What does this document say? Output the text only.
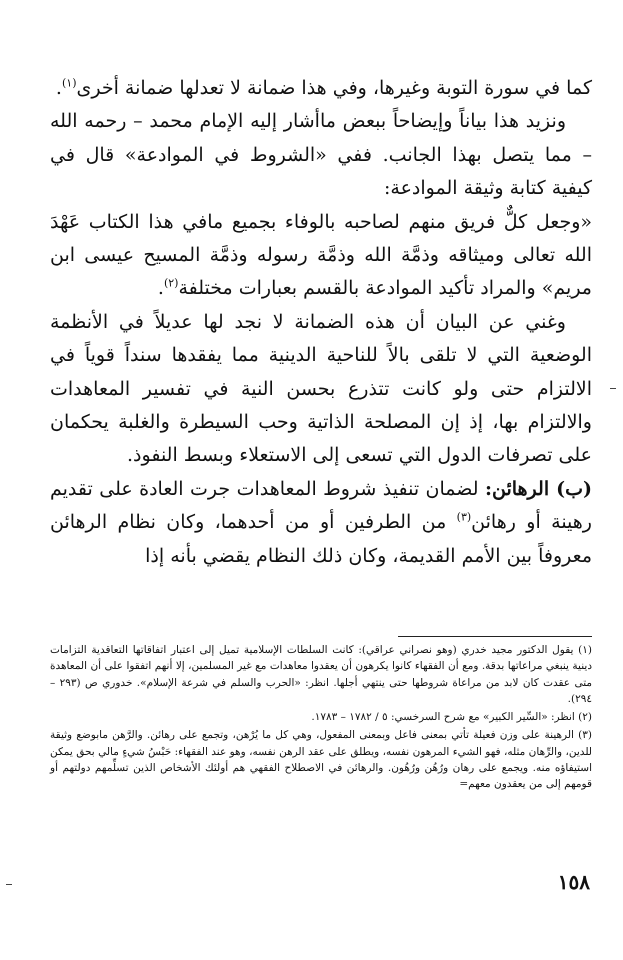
كما في سورة التوبة وغيرها، وفي هذا ضمانة لا تعدلها ضمانة أخرى$^{(١)}$.

ونزيد هذا بياناً وإيضاحاً ببعض ماأشار إليه الإمام محمد – رحمه الله – مما يتصل بهذا الجانب. ففي «الشروط في الموادعة» قال في كيفية كتابة وثيقة الموادعة:

«وجعل كلٌّ فريق منهم لصاحبه بالوفاء بجميع مافي هذا الكتاب عَهْدَ الله تعالى وميثاقه وذمَّة الله وذمَّة رسوله وذمَّة المسيح عيسى ابن مريم» والمراد تأكيد الموادعة بالقسم بعبارات مختلفة$^{(٢)}$.

وغني عن البيان أن هذه الضمانة لا نجد لها عديلاً في الأنظمة الوضعية التي لا تلقى بالاً للناحية الدينية مما يفقدها سنداً قوياً في الالتزام حتى ولو كانت تتذرع بحسن النية في تفسير المعاهدات والالتزام بها، إذ إن المصلحة الذاتية وحب السيطرة والغلبة يحكمان على تصرفات الدول التي تسعى إلى الاستعلاء وبسط النفوذ.

(ب) الرهائن: لضمان تنفيذ شروط المعاهدات جرت العادة على تقديم رهينة أو رهائن$^{(٣)}$ من الطرفين أو من أحدهما، وكان نظام الرهائن معروفاً بين الأمم القديمة، وكان ذلك النظام يقضي بأنه إذا

(١) يقول الدكتور مجيد خدري (وهو نصراني عراقي): كانت السلطات الإسلامية تميل إلى اعتبار اتفاقاتها التعاقدية التزامات دينية ينبغي مراعاتها بدقة. ومع أن الفقهاء كانوا يكرهون أن يعقدوا معاهدات مع غير المسلمين، إلا أنهم اتفقوا على أن المعاهدة متى عقدت كان لابد من مراعاة شروطها حتى ينتهي أجلها. انظر: «الحرب والسلم في شرعة الإسلام». خدوري ص (٢٩٣ – ٢٩٤).

(٢) انظر: «السِّير الكبير» مع شرح السرخسي: ٥ / ١٧٨٢ – ١٧٨٣.

(٣) الرهينة على وزن فعيلة تأتي بمعنى فاعل وبمعنى المفعول، وهي كل ما يُرْهن، وتجمع على رهائن. والرَّهن مابوضع وثيقة للدين، والرِّهان مثله، فهو الشيء المرهون نفسه، ويطلق على عقد الرهن نفسه، وهو عند الفقهاء: حَبْسُ شيءٍ مالي بحق يمكن استيفاؤه منه. ويجمع على رهان ورُهُن ورُهُون. والرهائن في الاصطلاح الفقهي هم أولئك الأشخاص الذين تسلِّمهم دولتهم أو قومهم إلى من يعقدون معهم=

١٥٨
